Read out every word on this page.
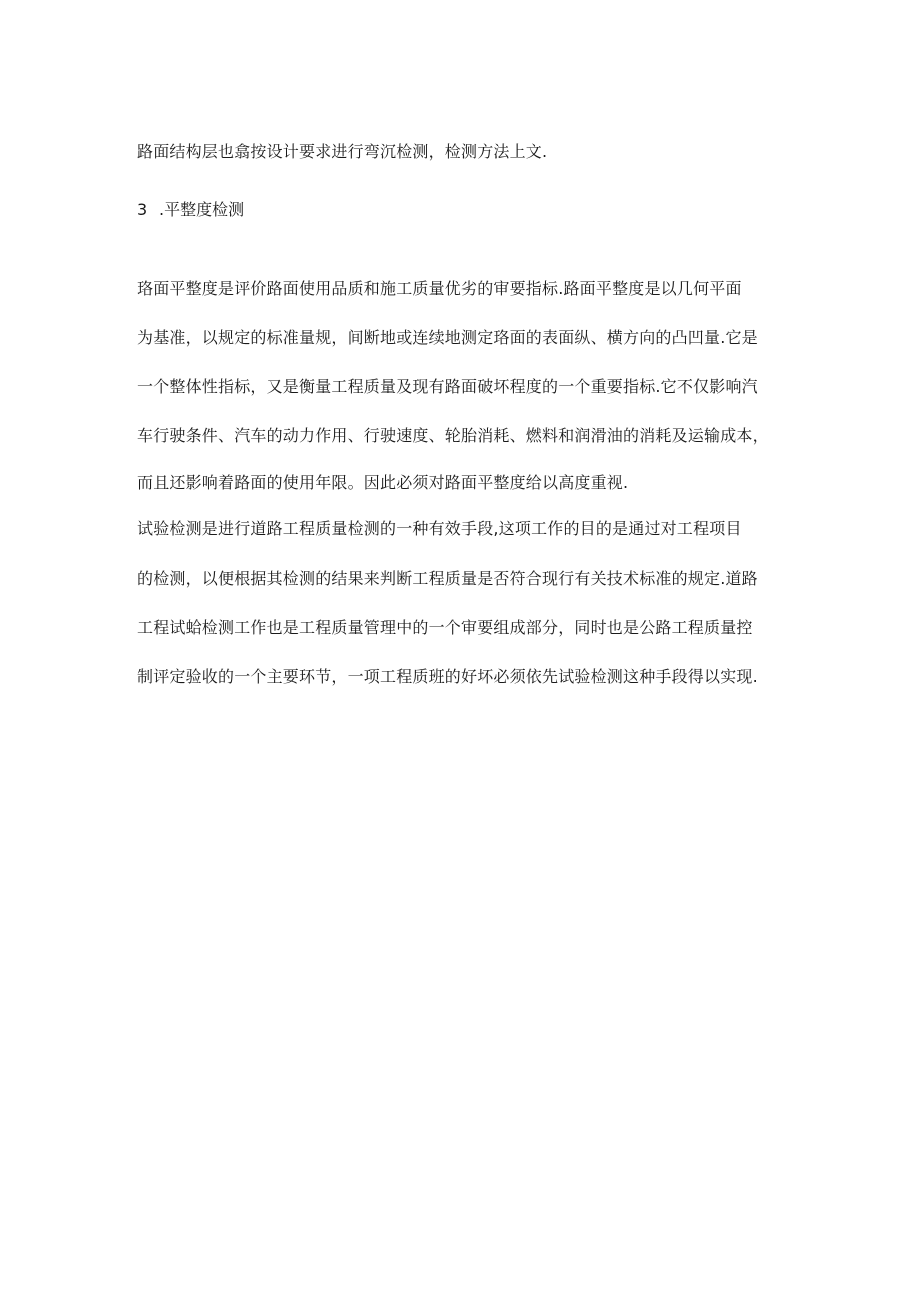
路面结构层也翕按设计要求进行弯沉检测，检测方法上文.
3 .平整度检测
珞面平整度是评价路面使用品质和施工质量优劣的审要指标.路面平整度是以几何平面
为基准，以规定的标准量规，间断地或连续地测定珞面的表面纵、横方向的凸凹量.它是
一个整体性指标，又是衡量工程质量及现有路面破坏程度的一个重要指标.它不仅影响汽
车行驶条件、汽车的动力作用、行驶速度、轮胎消耗、燃料和润滑油的消耗及运输成本，
而且还影响着路面的使用年限。因此必须对路面平整度给以高度重视.
试验检测是进行道路工程质量检测的一种有效手段,这项工作的目的是通过对工程项目
的检测，以便根据其检测的结果来判断工程质量是否符合现行有关技术标准的规定.道路
工程试蛤检测工作也是工程质量管理中的一个审要组成部分，同时也是公路工程质量控
制评定验收的一个主要环节，一项工程质班的好坏必须依先试验检测这种手段得以实现.
